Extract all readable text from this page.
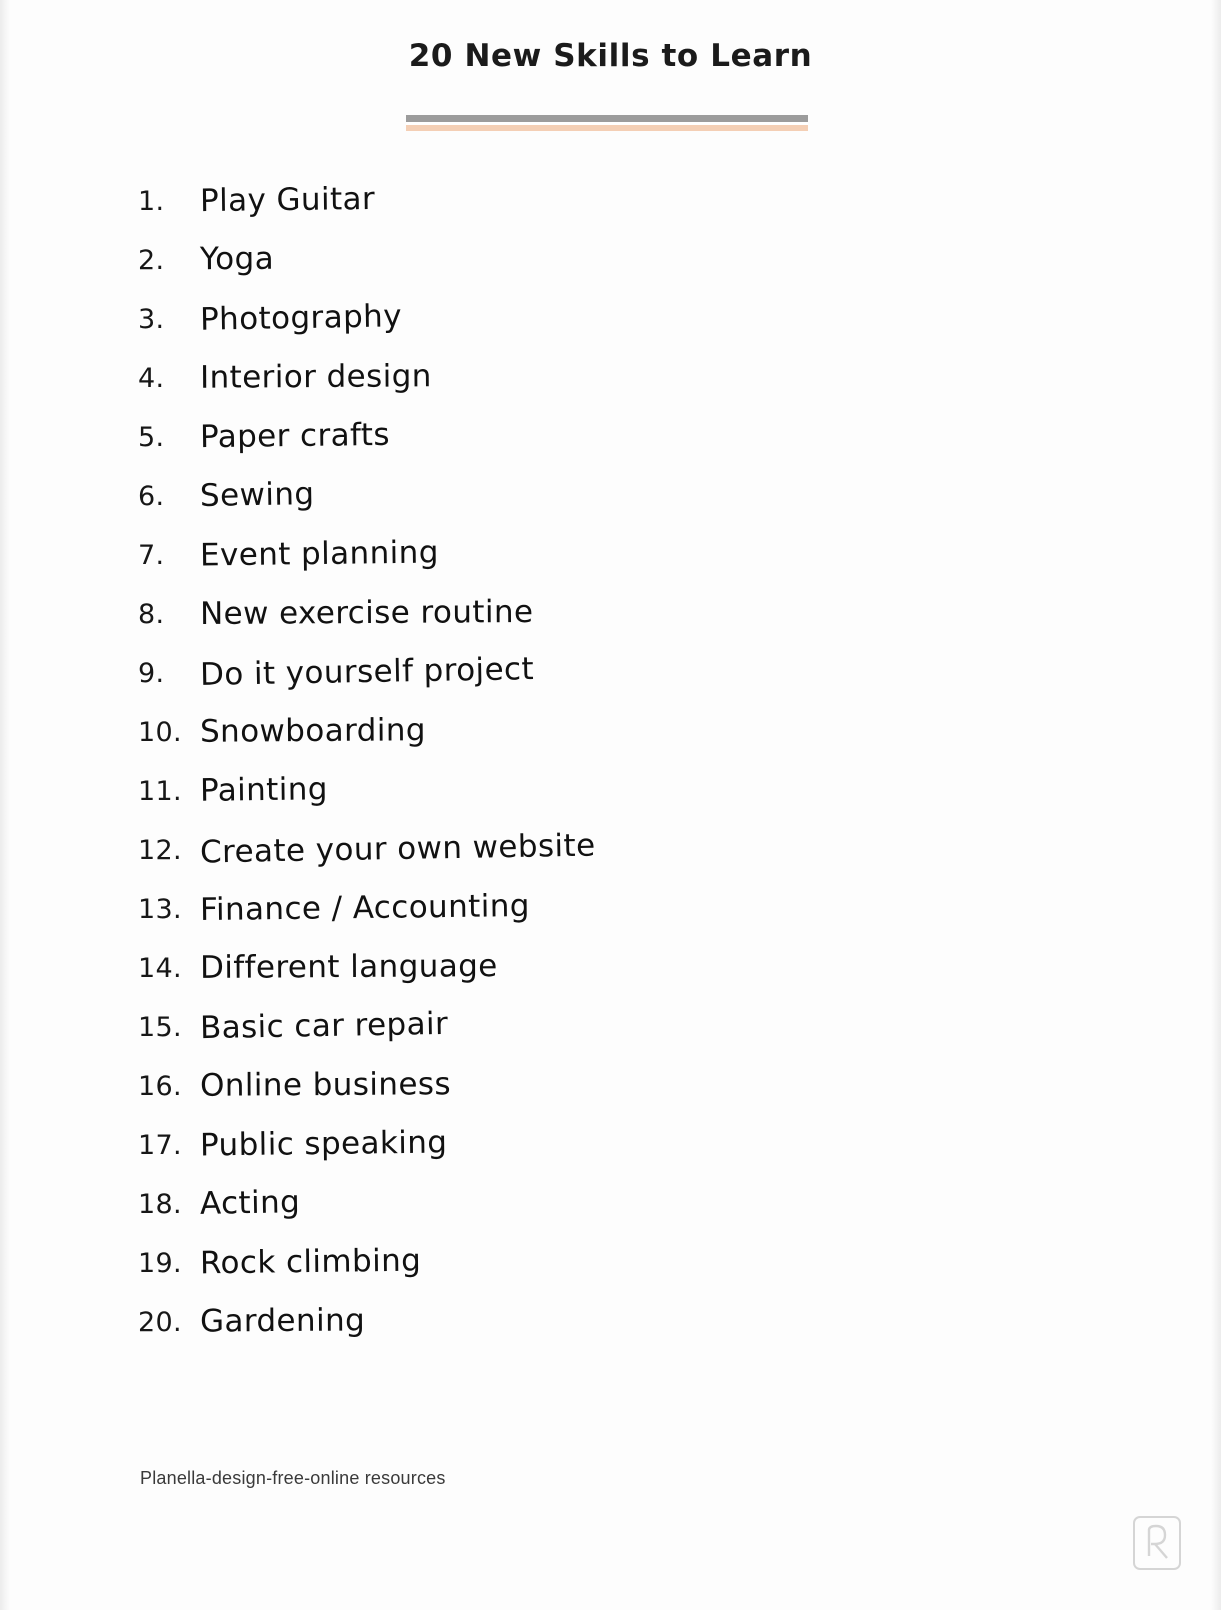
20 New Skills to Learn
1.	Play Guitar
2.	Yoga
3.	Photography
4.	Interior design
5.	Paper crafts
6.	Sewing
7.	Event planning
8.	New exercise routine
9.	Do it yourself project
10. Snowboarding
11. Painting
12. Create your own website
13. Finance / Accounting
14. Different language
15. Basic car repair
16. Online business
17. Public speaking
18. Acting
19. Rock climbing
20. Gardening
Planella-design-free-online resources
